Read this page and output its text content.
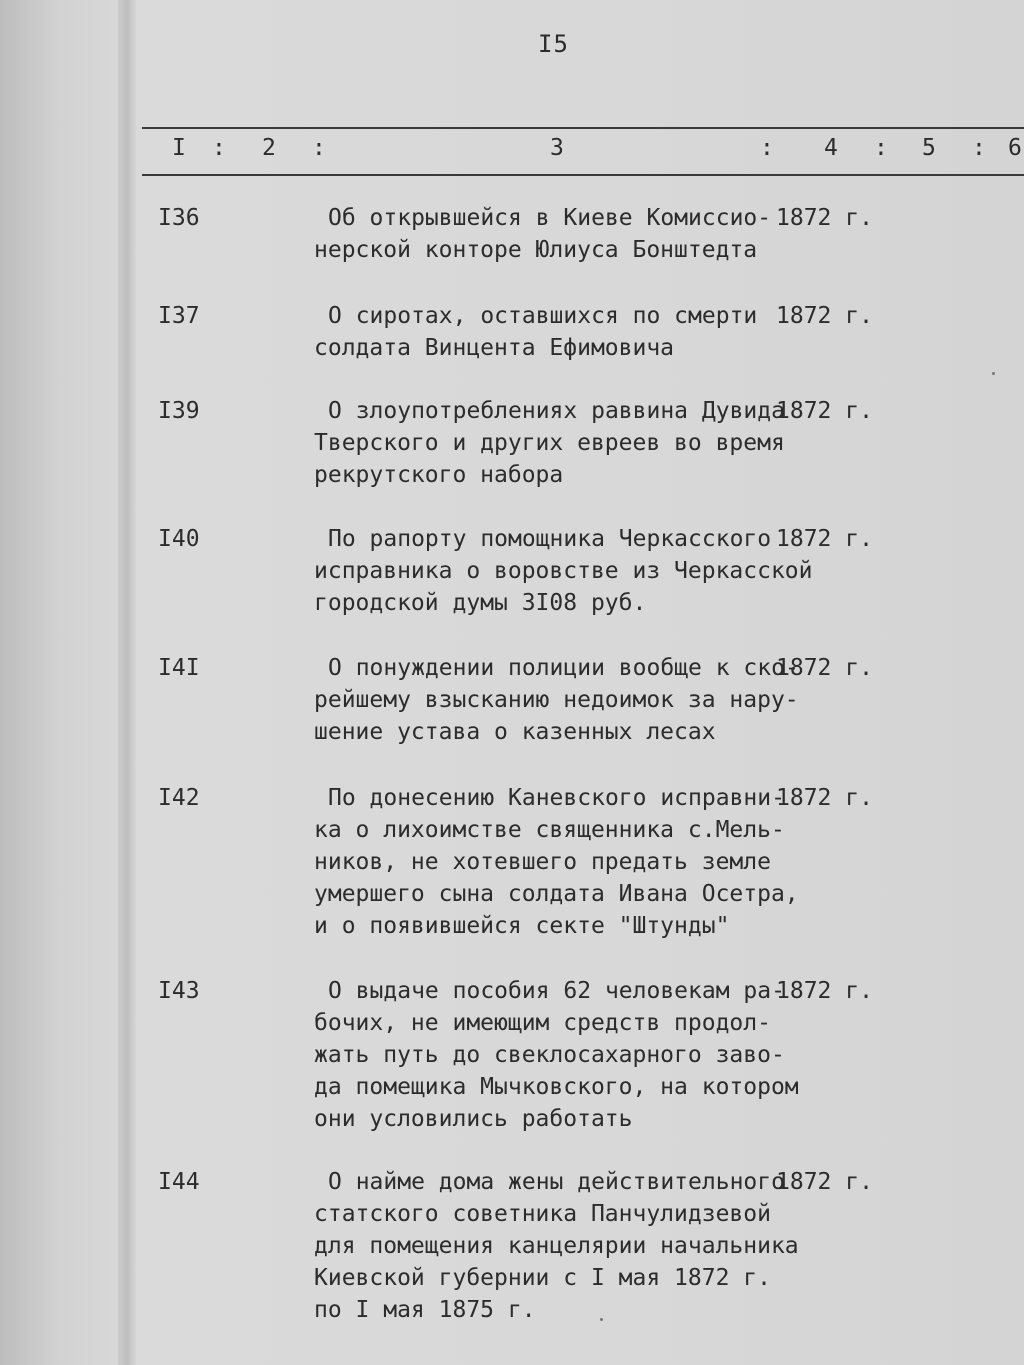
I5
I : 2 :	3	: 4 : 5 : 6
I36	Об открывшейся в Киеве Комиссио-
нерской конторе Юлиуса Бонштедта
1872 г.
I37	О сиротах, оставшихся по смерти
солдата Винцента Ефимовича
1872 г.
I39	О злоупотреблениях раввина Дувида
Тверского и других евреев во время
рекрутского набора
1872 г.
I40	По рапорту помощника Черкасского
исправника о воровстве из Черкасской
городской думы 3I08 руб.
1872 г.
I4I	О понуждении полиции вообще к ско-
рейшему взысканию недоимок за нару-
шение устава о казенных лесах
1872 г.
I42	По донесению Каневского исправни-
ка о лихоимстве священника с.Мель-
ников, не хотевшего предать земле
умершего сына солдата Ивана Осетра,
и о появившейся секте "Штунды"
1872 г.
I43	О выдаче пособия 62 человекам ра-
бочих, не имеющим средств продол-
жать путь до свеклосахарного заво-
да помещика Мычковского, на котором
они условились работать
1872 г.
I44	О найме дома жены действительного
статского советника Панчулидзевой
для помещения канцелярии начальника
Киевской губернии с I мая 1872 г.
по I мая 1875 г.
1872 г.
